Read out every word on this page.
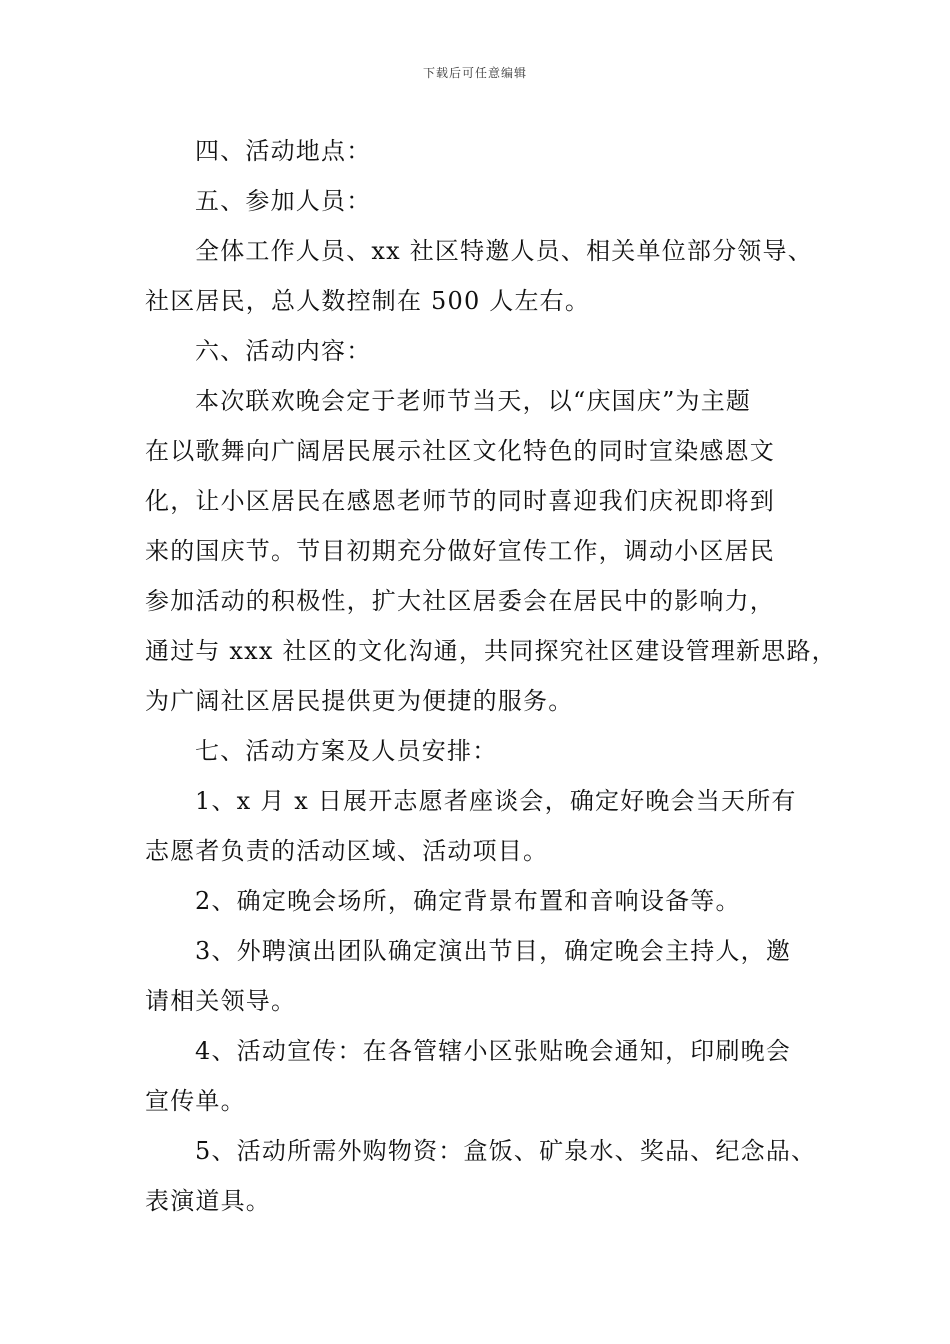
下载后可任意编辑

四、活动地点：

五、参加人员：

全体工作人员、xx 社区特邀人员、相关单位部分领导、

社区居民，总人数控制在 500 人左右。

六、活动内容：

本次联欢晚会定于老师节当天，以“庆国庆”为主题

在以歌舞向广阔居民展示社区文化特色的同时宣染感恩文

化，让小区居民在感恩老师节的同时喜迎我们庆祝即将到

来的国庆节。节目初期充分做好宣传工作，调动小区居民

参加活动的积极性，扩大社区居委会在居民中的影响力，

通过与 xxx 社区的文化沟通，共同探究社区建设管理新思路，

为广阔社区居民提供更为便捷的服务。

七、活动方案及人员安排：

1、x 月 x 日展开志愿者座谈会，确定好晚会当天所有

志愿者负责的活动区域、活动项目。

2、确定晚会场所，确定背景布置和音响设备等。

3、外聘演出团队确定演出节目，确定晚会主持人，邀

请相关领导。

4、活动宣传：在各管辖小区张贴晚会通知，印刷晚会

宣传单。

5、活动所需外购物资：盒饭、矿泉水、奖品、纪念品、

表演道具。
